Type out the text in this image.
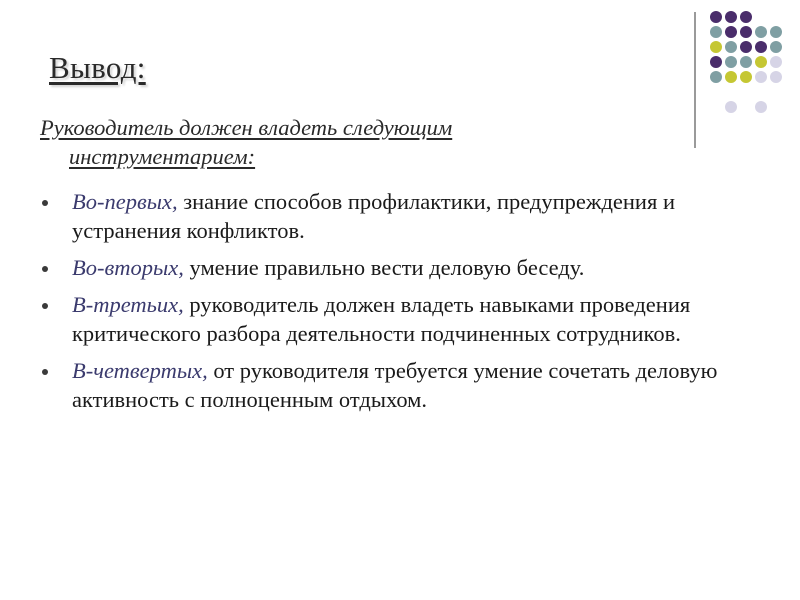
Вывод:
Руководитель должен владеть следующим
инструментарием:
Во-первых, знание способов профилактики, предупреждения и устранения конфликтов.
Во-вторых, умение правильно вести деловую беседу.
В-третьих, руководитель должен владеть навыками проведения критического разбора деятельности подчиненных сотрудников.
В-четвертых, от руководителя требуется умение сочетать деловую активность с полноценным отдыхом.
